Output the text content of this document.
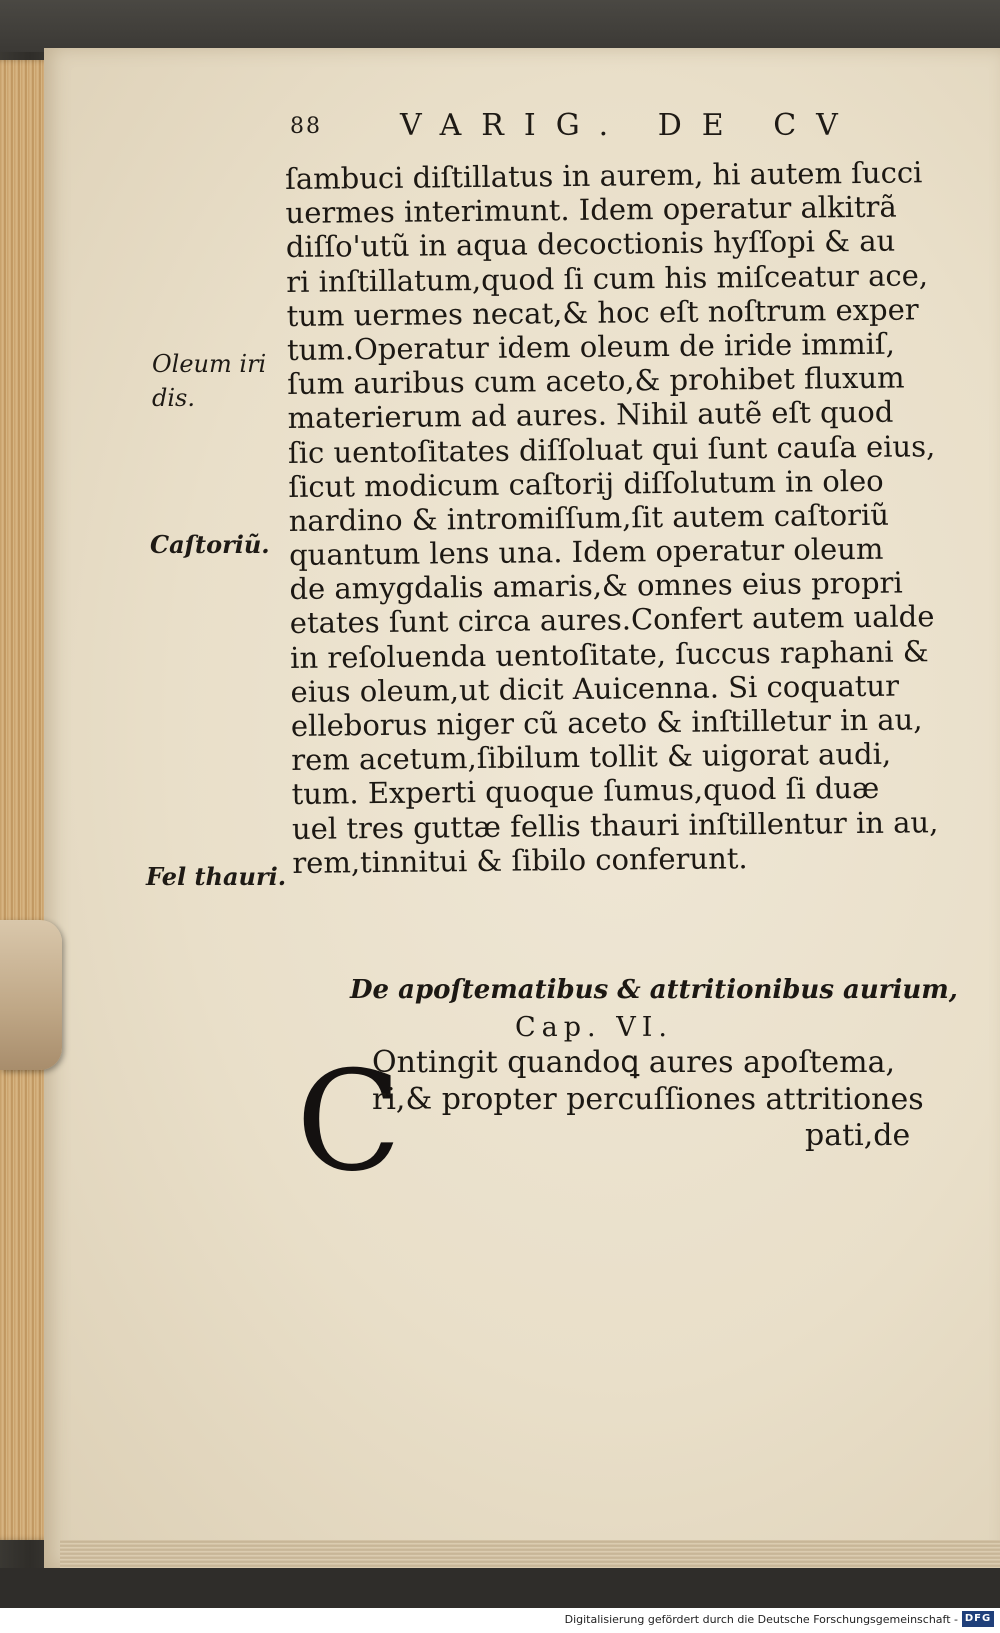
88	VARIG. DE CV
Oleum iri
dis.
Caſtoriũ.
Fel thauri.
ſambuci diſtillatus in aurem, hi autem ſucci
uermes interimunt. Idem operatur alkitrã
diſſo'utũ in aqua decoctionis hyſſopi & au
ri inſtillatum,quod ſi cum his miſceatur ace,
tum uermes necat,& hoc eſt noſtrum exper
tum.Operatur idem oleum de iride immiſ,
ſum auribus cum aceto,& prohibet fluxum
materierum ad aures. Nihil autẽ eſt quod
ſic uentoſitates diſſoluat qui ſunt cauſa eius,
ſicut modicum caſtorij diſſolutum in oleo
nardino & intromiſſum,ſit autem caſtoriũ
quantum lens una. Idem operatur oleum
de amygdalis amaris,& omnes eius propri
etates ſunt circa aures.Confert autem ualde
in reſoluenda uentoſitate, ſuccus raphani &
eius oleum,ut dicit Auicenna. Si coquatur
elleborus niger cũ aceto & inſtilletur in au,
rem acetum,ſibilum tollit & uigorat audi,
tum. Experti quoque ſumus,quod ſi duæ
uel tres guttæ fellis thauri inſtillentur in au,
rem,tinnitui & ſibilo conferunt.
De apoſtematibus & attritionibus aurium,
Cap. VI.
C
Ontingit quandoꝗ aures apoſtema,
ri,& propter percuſſiones attritiones
pati,de
Digitalisierung gefördert durch die Deutsche Forschungsgemeinschaft - DFG
